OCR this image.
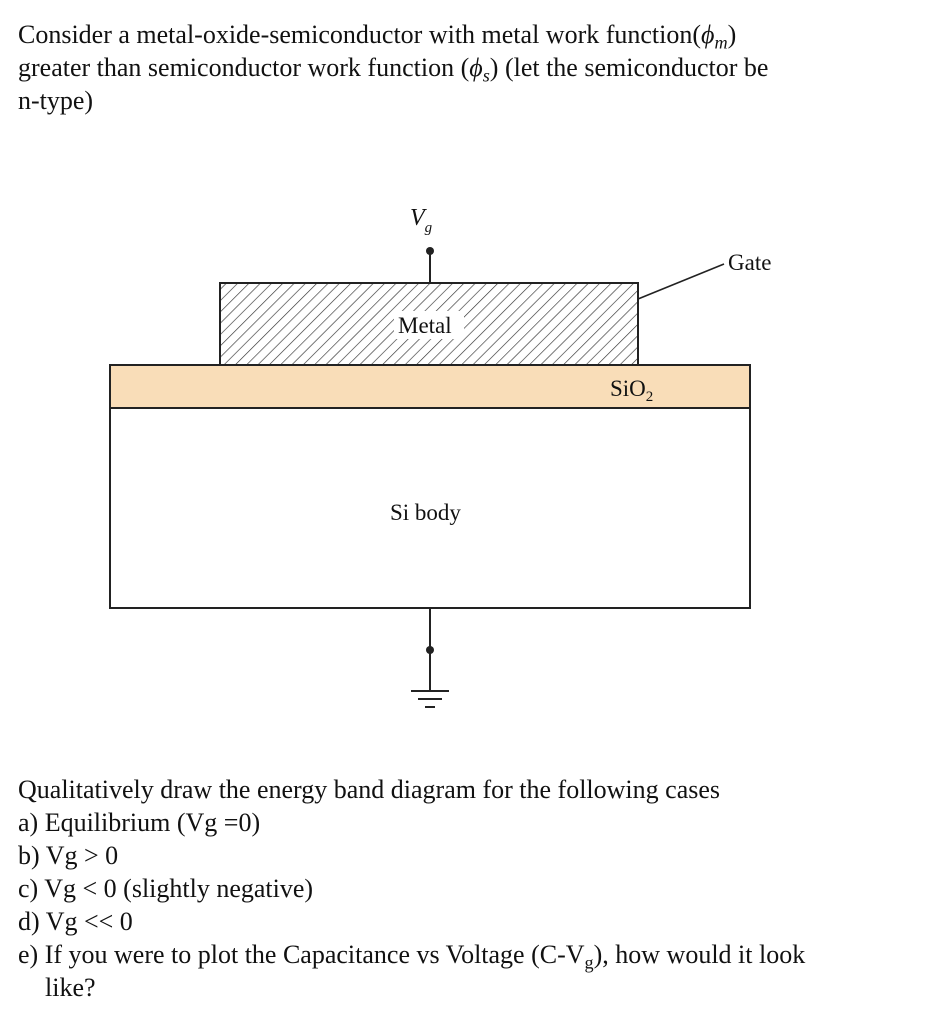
Consider a metal-oxide-semiconductor with metal work $function(\phi_m)$
greater than semiconductor work function $(\phi_s)$ (let the semiconductor be
n-type)
$V_g$
Metal
Gate
SiO$_2$
Si body
Qualitatively draw the energy band diagram for the following cases
a) Equilibrium (Vg =0)
b) Vg > 0
c) Vg < 0 (slightly negative)
d) Vg << 0
e) If you were to plot the Capacitance vs Voltage $(C-V_g)$, how would it look
like?
